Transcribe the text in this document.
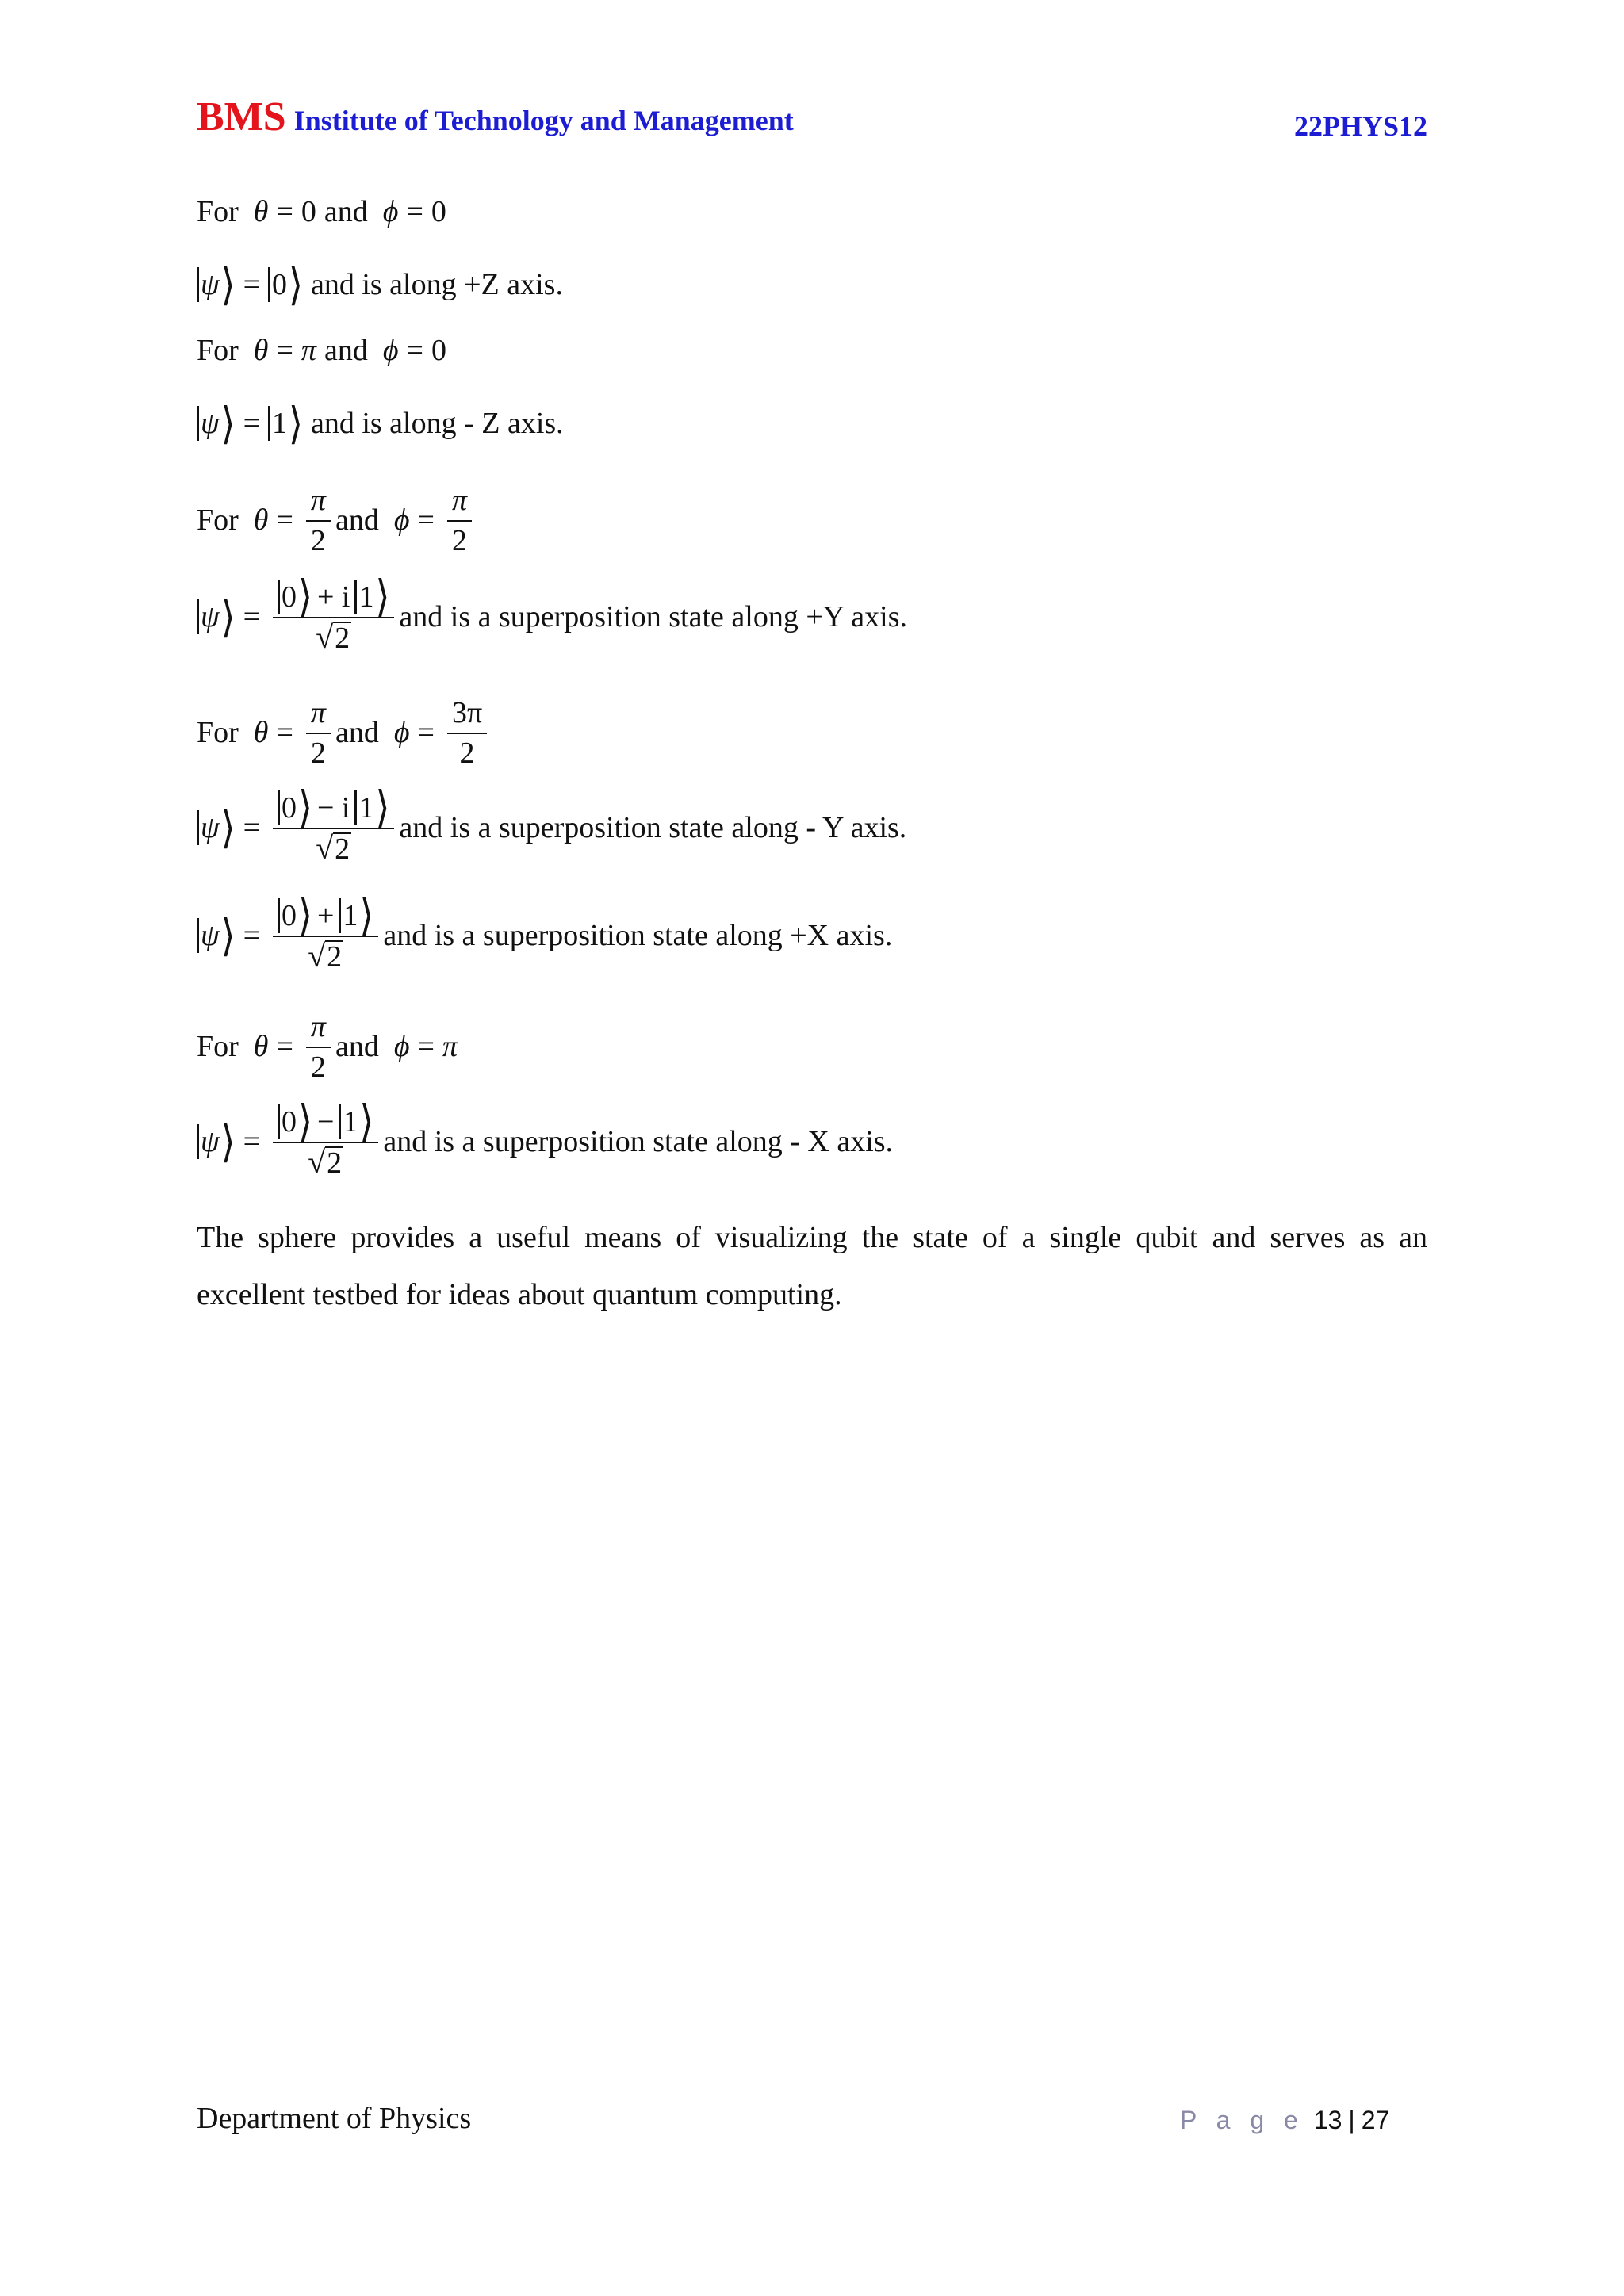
BMS Institute of Technology and Management	22PHYS12
For
θ = 0 and
ϕ = 0
ψ ⟩ = 0 ⟩ and is along +Z axis.
For
θ = π and
ϕ = 0
ψ ⟩ = 1 ⟩ and is along - Z axis.
For
$\theta = \frac{\pi}{2}$ and
$\phi = \frac{\pi}{2}$
ψ ⟩ = $\frac{0 ⟩ + i 1 ⟩}{√ 2}$ and is a superposition state along +Y axis.
For
$\theta = \frac{\pi}{2}$ and
$\phi = \frac{3\pi}{2}$
ψ ⟩ = $\frac{0 ⟩ - i 1 ⟩}{√ 2}$ and is a superposition state along - Y axis.
ψ ⟩ = $\frac{0 ⟩ + 1 ⟩}{√ 2}$ and is a superposition state along +X axis.
For
$\theta = \frac{\pi}{2}$ and
ϕ = π
ψ ⟩ = $\frac{0 ⟩ - 1 ⟩}{√ 2}$ and is a superposition state along - X axis.
The sphere provides a useful means of visualizing the state of a single qubit and serves as an excellent testbed for ideas about quantum computing.
Department of Physics	P a g e 13 | 27
